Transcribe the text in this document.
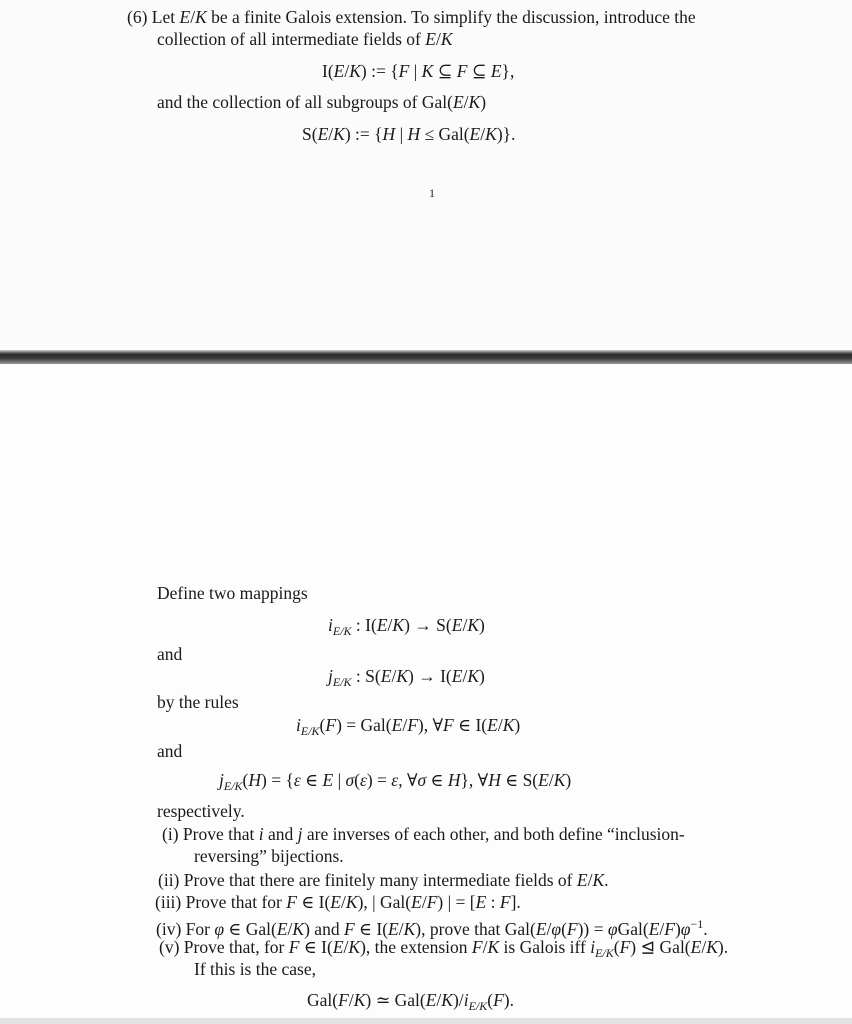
(6) Let E/K be a finite Galois extension. To simplify the discussion, introduce the
collection of all intermediate fields of E/K
I(E/K) := {F | K ⊆ F ⊆ E},
and the collection of all subgroups of Gal(E/K)
S(E/K) := {H | H ≤ Gal(E/K)}.
1
Define two mappings
$i_{E/K}$ : I(E/K) → S(E/K)
and
$j_{E/K}$ : S(E/K) → I(E/K)
by the rules
$i_{E/K}(F) = Gal(E/F)$, ∀F ∈ I(E/K)
and
$j_{E/K}(H) = \{\varepsilon$ ∈ E | σ(ε) = ε, ∀σ ∈ H}, ∀H ∈ S(E/K)
respectively.
(i) Prove that i and j are inverses of each other, and both define “inclusion-
reversing” bijections.
(ii) Prove that there are finitely many intermediate fields of E/K.
(iii) Prove that for F ∈ I(E/K), | Gal(E/F) | = [E : F].
(iv) For φ ∈ Gal(E/K) and F ∈ I(E/K), prove that $Gal(E/\varphi(F)) = \varphi Gal(E/F)\varphi^{-1}$.
(v) Prove that, for F ∈ I(E/K), the extension F/K is Galois iff $i_{E/K}(F)$ ⊴ Gal(E/K).
If this is the case,
Gal(F/K) ≃ $Gal(E/K)/i_{E/K}(F)$.
